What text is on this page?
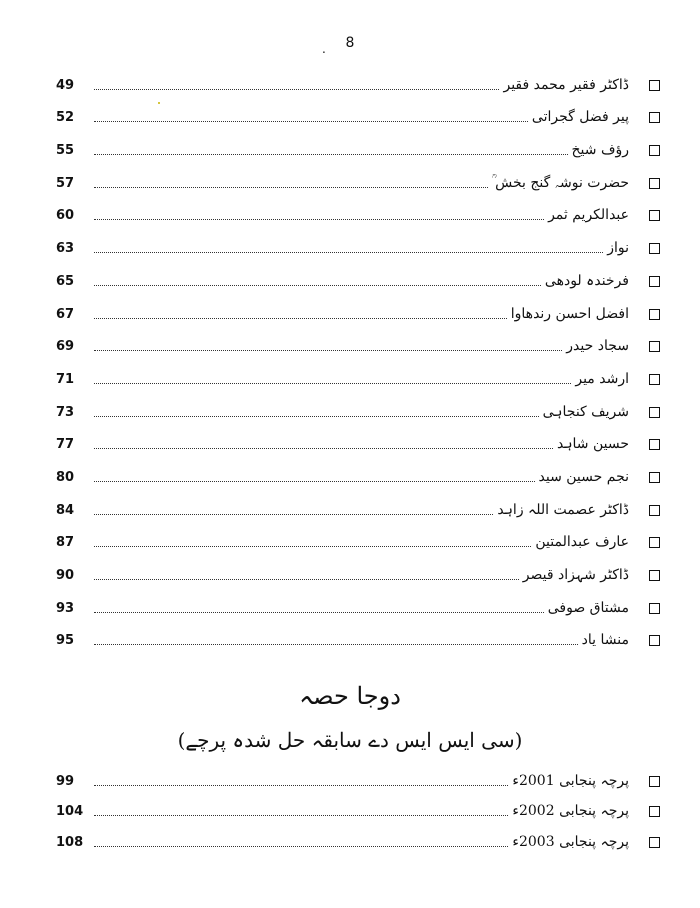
8
.
49	ڈاکٹر فقیر محمد فقیر
52	پیر فضل گجراتی
55	رؤف شیخ
57	حضرت نوشہ گنج بخش ؒ
60	عبدالکریم ثمر
63	نواز
65	فرخندہ لودھی
67	افضل احسن رندھاوا
69	سجاد حیدر
71	ارشد میر
73	شریف کنجاہی
77	حسین شاہد
80	نجم حسین سید
84	ڈاکٹر عصمت اللہ زاہد
87	عارف عبدالمتین
90	ڈاکٹر شہزاد قیصر
93	مشتاق صوفی
95	منشا یاد
دوجا حصہ
(سی ایس ایس دے سابقہ حل شدہ پرچے)
99	پرچہ پنجابی 2001ء
104	پرچہ پنجابی 2002ء
108	پرچہ پنجابی 2003ء
